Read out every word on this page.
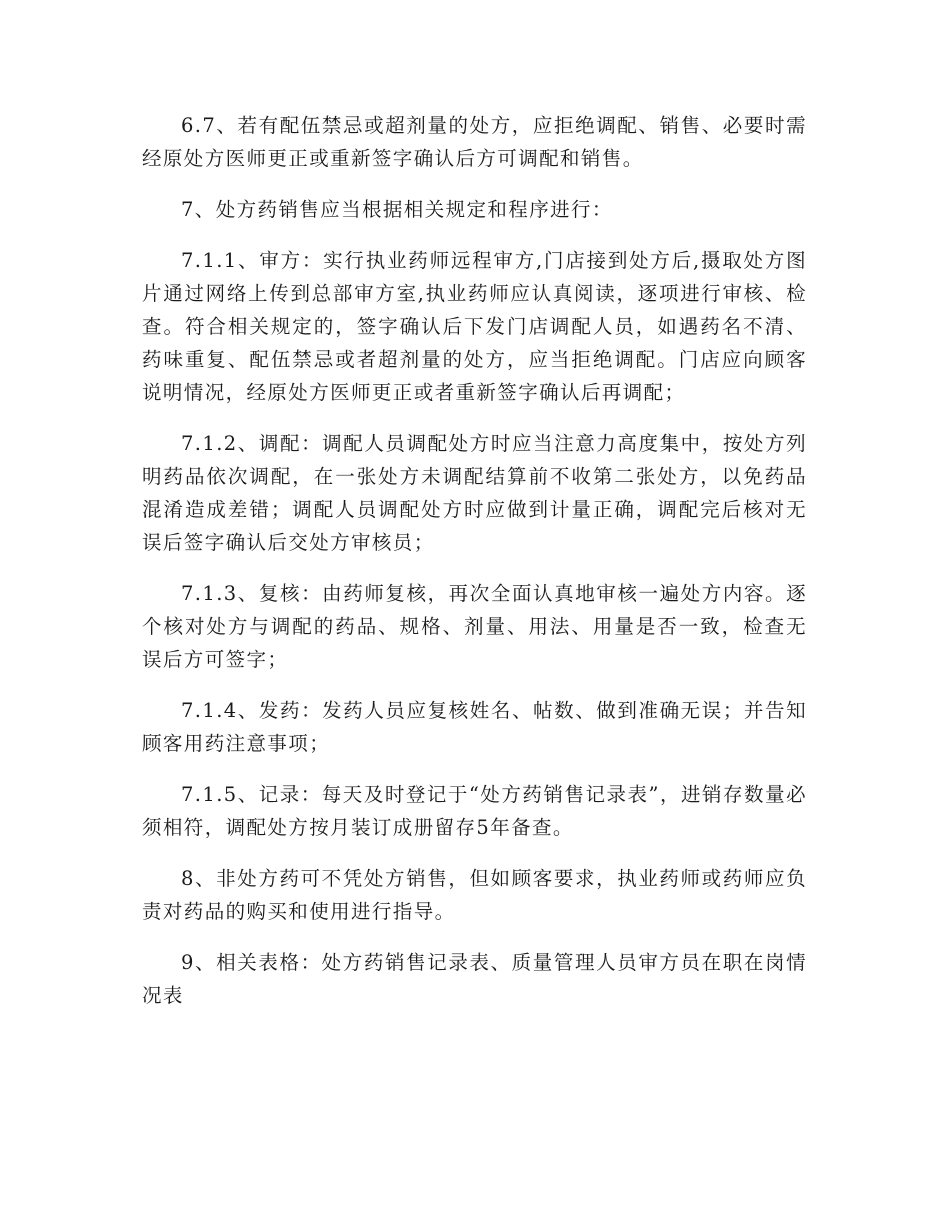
6.7、若有配伍禁忌或超剂量的处方，应拒绝调配、销售、必要时需经原处方医师更正或重新签字确认后方可调配和销售。

7、处方药销售应当根据相关规定和程序进行：

7.1.1、审方：实行执业药师远程审方,门店接到处方后,摄取处方图片通过网络上传到总部审方室,执业药师应认真阅读，逐项进行审核、检查。符合相关规定的，签字确认后下发门店调配人员，如遇药名不清、药味重复、配伍禁忌或者超剂量的处方，应当拒绝调配。门店应向顾客说明情况，经原处方医师更正或者重新签字确认后再调配；

7.1.2、调配：调配人员调配处方时应当注意力高度集中，按处方列明药品依次调配，在一张处方未调配结算前不收第二张处方，以免药品混淆造成差错；调配人员调配处方时应做到计量正确，调配完后核对无误后签字确认后交处方审核员；

7.1.3、复核：由药师复核，再次全面认真地审核一遍处方内容。逐个核对处方与调配的药品、规格、剂量、用法、用量是否一致，检查无误后方可签字；

7.1.4、发药：发药人员应复核姓名、帖数、做到准确无误；并告知顾客用药注意事项；

7.1.5、记录：每天及时登记于“处方药销售记录表”，进销存数量必须相符，调配处方按月装订成册留存5年备查。

8、非处方药可不凭处方销售，但如顾客要求，执业药师或药师应负责对药品的购买和使用进行指导。

9、相关表格：处方药销售记录表、质量管理人员审方员在职在岗情况表
